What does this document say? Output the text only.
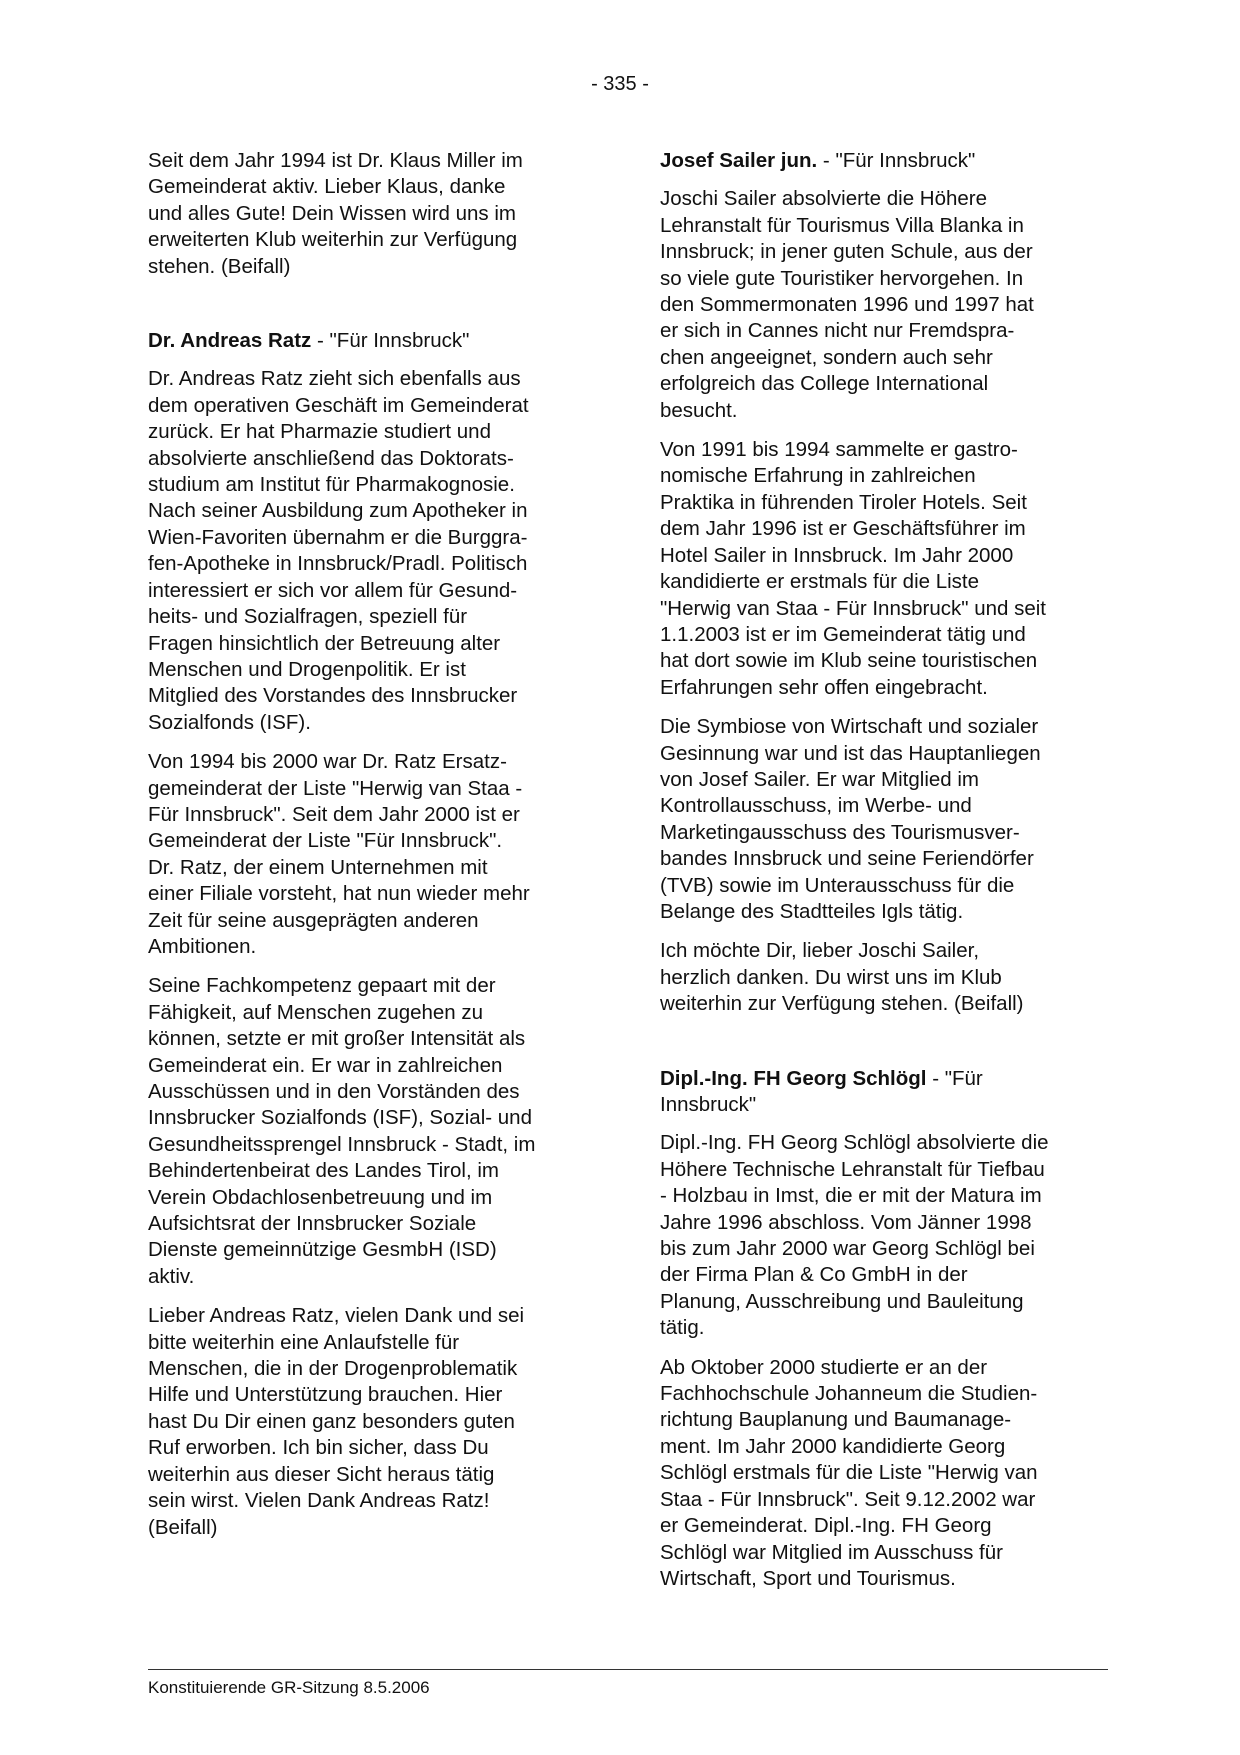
- 335 -

Seit dem Jahr 1994 ist Dr. Klaus Miller im
Gemeinderat aktiv. Lieber Klaus, danke
und alles Gute! Dein Wissen wird uns im
erweiterten Klub weiterhin zur Verfügung
stehen. (Beifall)

Dr. Andreas Ratz - "Für Innsbruck"

Dr. Andreas Ratz zieht sich ebenfalls aus
dem operativen Geschäft im Gemeinderat
zurück. Er hat Pharmazie studiert und
absolvierte anschließend das Doktorats-
studium am Institut für Pharmakognosie.
Nach seiner Ausbildung zum Apotheker in
Wien-Favoriten übernahm er die Burggra-
fen-Apotheke in Innsbruck/Pradl. Politisch
interessiert er sich vor allem für Gesund-
heits- und Sozialfragen, speziell für
Fragen hinsichtlich der Betreuung alter
Menschen und Drogenpolitik. Er ist
Mitglied des Vorstandes des Innsbrucker
Sozialfonds (ISF).

Von 1994 bis 2000 war Dr. Ratz Ersatz-
gemeinderat der Liste "Herwig van Staa -
Für Innsbruck". Seit dem Jahr 2000 ist er
Gemeinderat der Liste "Für Innsbruck".
Dr. Ratz, der einem Unternehmen mit
einer Filiale vorsteht, hat nun wieder mehr
Zeit für seine ausgeprägten anderen
Ambitionen.

Seine Fachkompetenz gepaart mit der
Fähigkeit, auf Menschen zugehen zu
können, setzte er mit großer Intensität als
Gemeinderat ein. Er war in zahlreichen
Ausschüssen und in den Vorständen des
Innsbrucker Sozialfonds (ISF), Sozial- und
Gesundheitssprengel Innsbruck - Stadt, im
Behindertenbeirat des Landes Tirol, im
Verein Obdachlosenbetreuung und im
Aufsichtsrat der Innsbrucker Soziale
Dienste gemeinnützige GesmbH (ISD)
aktiv.

Lieber Andreas Ratz, vielen Dank und sei
bitte weiterhin eine Anlaufstelle für
Menschen, die in der Drogenproblematik
Hilfe und Unterstützung brauchen. Hier
hast Du Dir einen ganz besonders guten
Ruf erworben. Ich bin sicher, dass Du
weiterhin aus dieser Sicht heraus tätig
sein wirst. Vielen Dank Andreas Ratz!
(Beifall)

Josef Sailer jun. - "Für Innsbruck"

Joschi Sailer absolvierte die Höhere
Lehranstalt für Tourismus Villa Blanka in
Innsbruck; in jener guten Schule, aus der
so viele gute Touristiker hervorgehen. In
den Sommermonaten 1996 und 1997 hat
er sich in Cannes nicht nur Fremdspra-
chen angeeignet, sondern auch sehr
erfolgreich das College International
besucht.

Von 1991 bis 1994 sammelte er gastro-
nomische Erfahrung in zahlreichen
Praktika in führenden Tiroler Hotels. Seit
dem Jahr 1996 ist er Geschäftsführer im
Hotel Sailer in Innsbruck. Im Jahr 2000
kandidierte er erstmals für die Liste
"Herwig van Staa - Für Innsbruck" und seit
1.1.2003 ist er im Gemeinderat tätig und
hat dort sowie im Klub seine touristischen
Erfahrungen sehr offen eingebracht.

Die Symbiose von Wirtschaft und sozialer
Gesinnung war und ist das Hauptanliegen
von Josef Sailer. Er war Mitglied im
Kontrollausschuss, im Werbe- und
Marketingausschuss des Tourismusver-
bandes Innsbruck und seine Feriendörfer
(TVB) sowie im Unterausschuss für die
Belange des Stadtteiles Igls tätig.

Ich möchte Dir, lieber Joschi Sailer,
herzlich danken. Du wirst uns im Klub
weiterhin zur Verfügung stehen. (Beifall)

Dipl.-Ing. FH Georg Schlögl - "Für
Innsbruck"

Dipl.-Ing. FH Georg Schlögl absolvierte die
Höhere Technische Lehranstalt für Tiefbau
- Holzbau in Imst, die er mit der Matura im
Jahre 1996 abschloss. Vom Jänner 1998
bis zum Jahr 2000 war Georg Schlögl bei
der Firma Plan & Co GmbH in der
Planung, Ausschreibung und Bauleitung
tätig.

Ab Oktober 2000 studierte er an der
Fachhochschule Johanneum die Studien-
richtung Bauplanung und Baumanage-
ment. Im Jahr 2000 kandidierte Georg
Schlögl erstmals für die Liste "Herwig van
Staa - Für Innsbruck". Seit 9.12.2002 war
er Gemeinderat. Dipl.-Ing. FH Georg
Schlögl war Mitglied im Ausschuss für
Wirtschaft, Sport und Tourismus.

Konstituierende GR-Sitzung 8.5.2006
